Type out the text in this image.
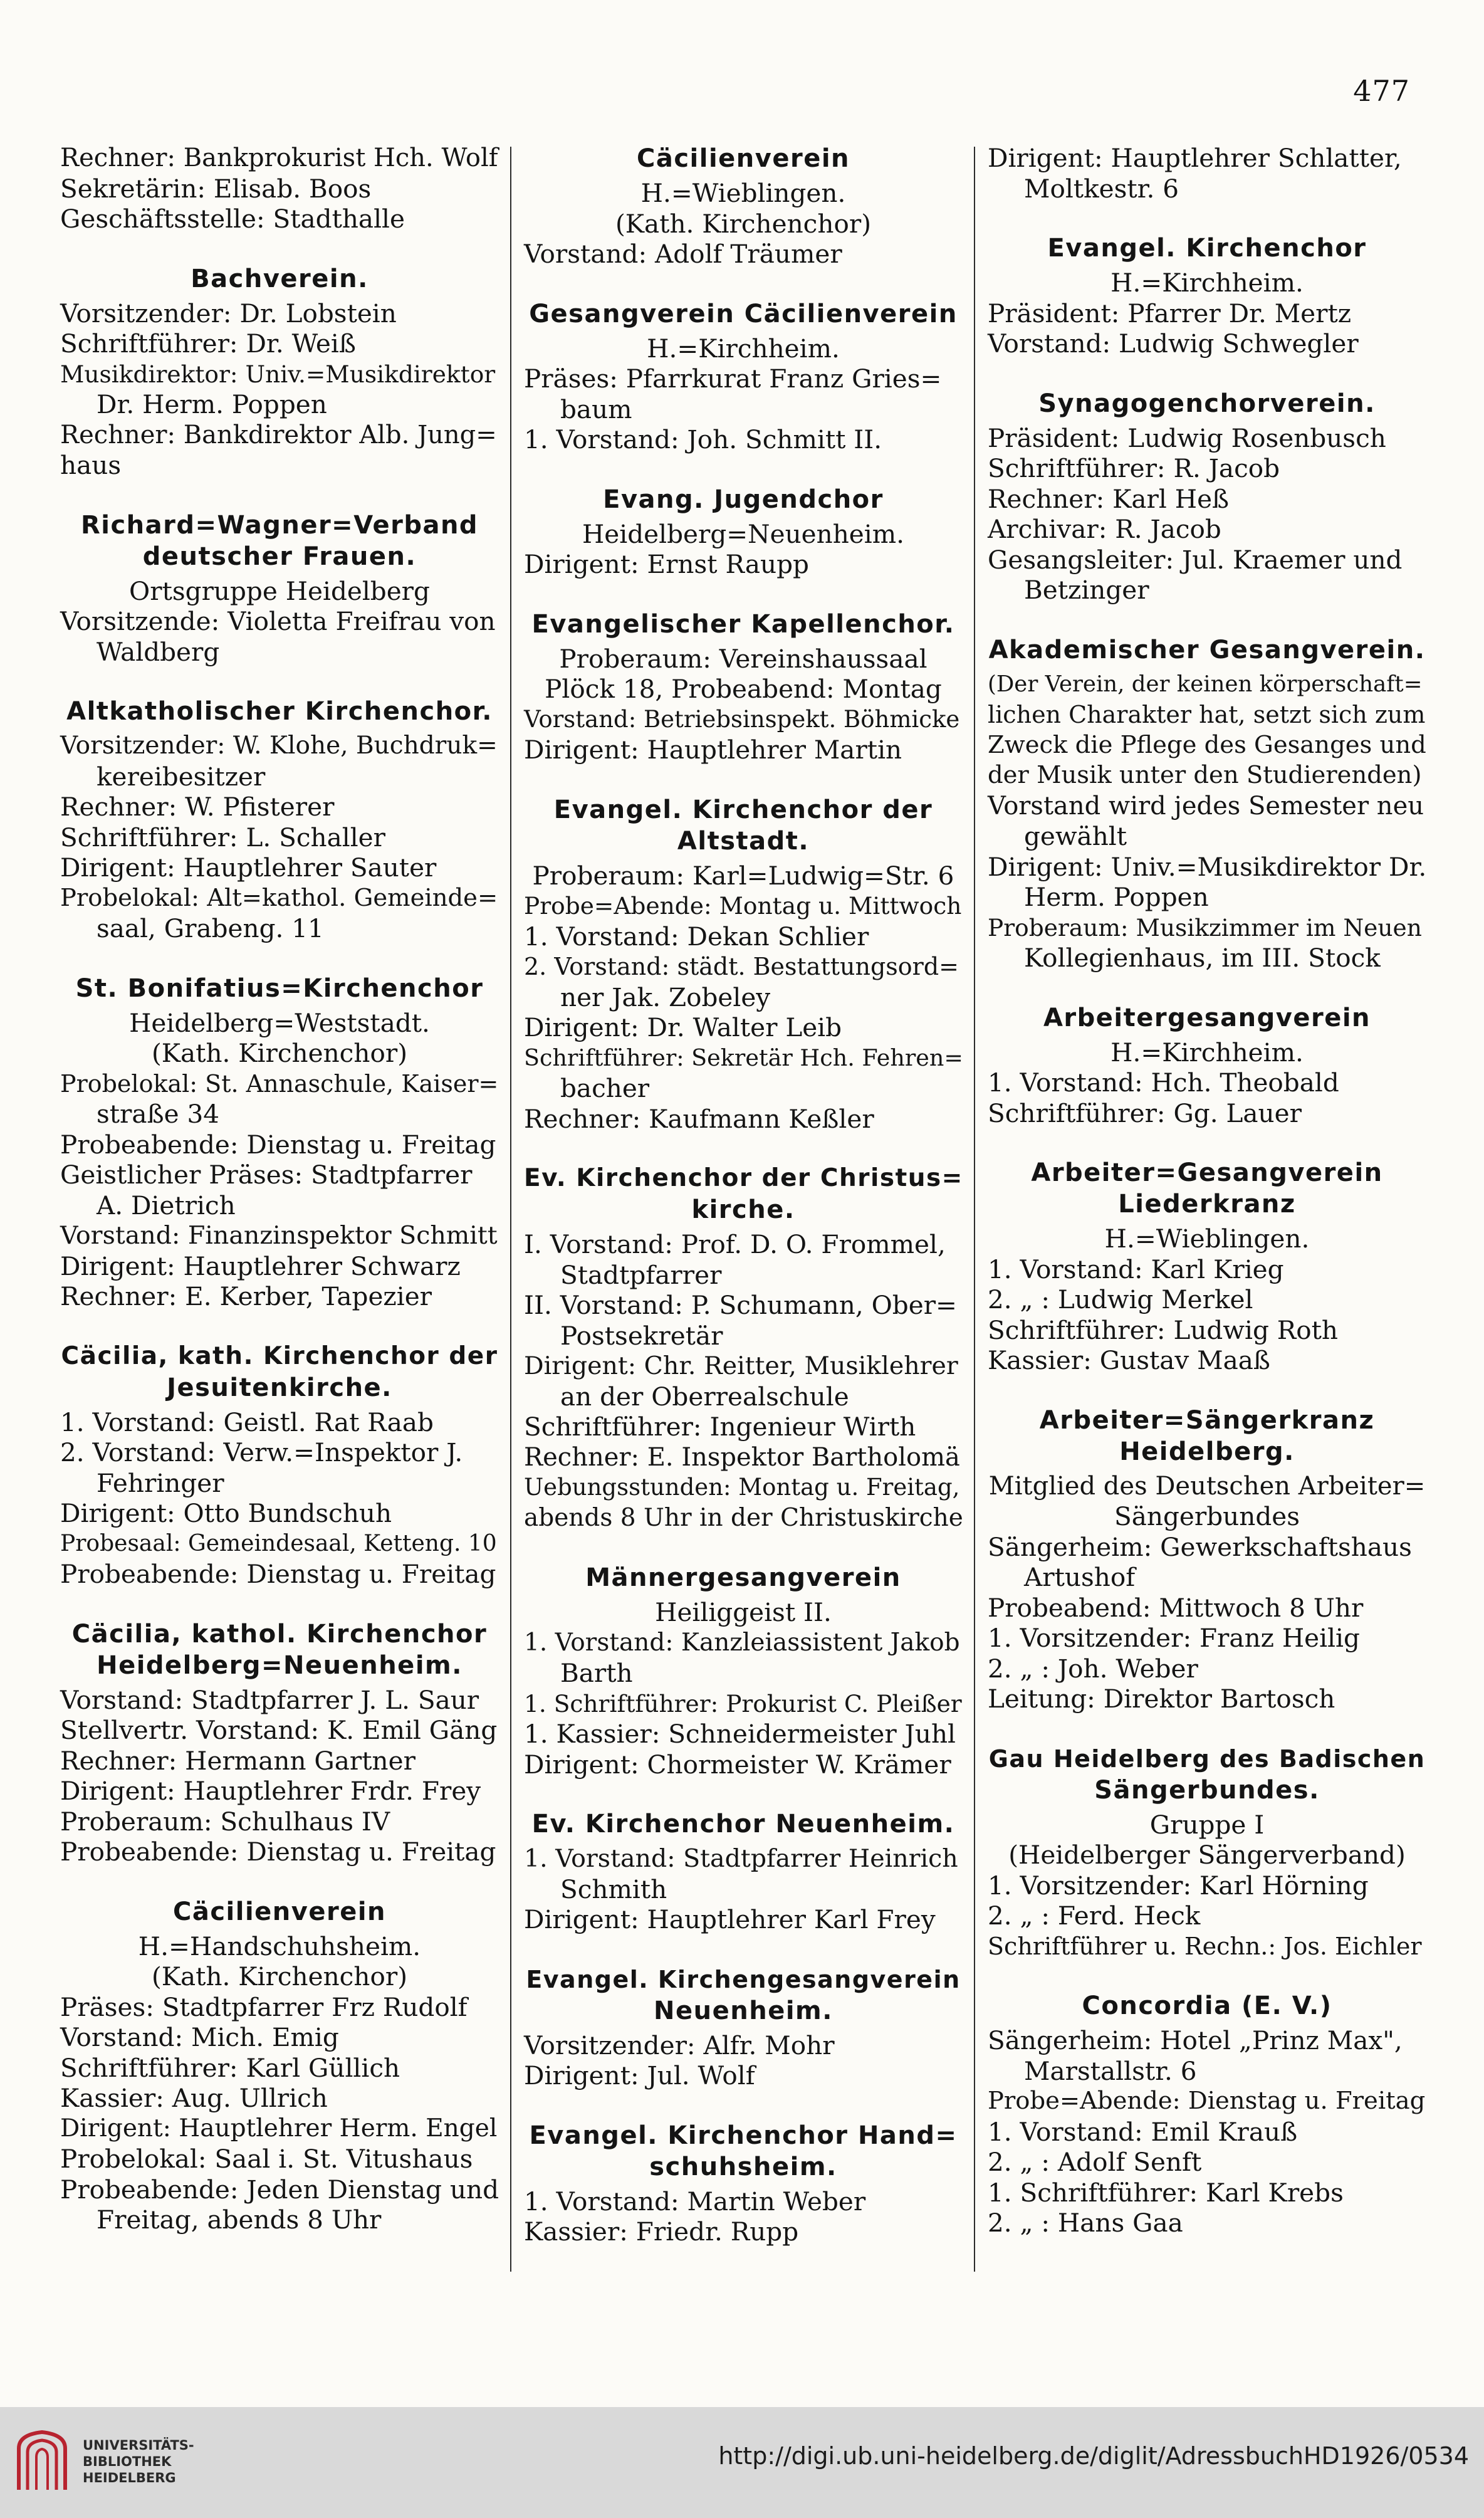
477
Rechner: Bankprokurist Hch. Wolf
Sekretärin: Elisab. Boos
Geschäftsstelle: Stadthalle
Bachverein.
Vorsitzender: Dr. Lobstein
Schriftführer: Dr. Weiß
Musikdirektor: Univ.=Musikdirektor
Dr. Herm. Poppen
Rechner: Bankdirektor Alb. Jung=
haus
Richard=Wagner=Verband
deutscher Frauen.
Ortsgruppe Heidelberg
Vorsitzende: Violetta Freifrau von
Waldberg
Altkatholischer Kirchenchor.
Vorsitzender: W. Klohe, Buchdruk=
kereibesitzer
Rechner: W. Pfisterer
Schriftführer: L. Schaller
Dirigent: Hauptlehrer Sauter
Probelokal: Alt=kathol. Gemeinde=
saal, Grabeng. 11
St. Bonifatius=Kirchenchor
Heidelberg=Weststadt.
(Kath. Kirchenchor)
Probelokal: St. Annaschule, Kaiser=
straße 34
Probeabende: Dienstag u. Freitag
Geistlicher Präses: Stadtpfarrer
A. Dietrich
Vorstand: Finanzinspektor Schmitt
Dirigent: Hauptlehrer Schwarz
Rechner: E. Kerber, Tapezier
Cäcilia, kath. Kirchenchor der
Jesuitenkirche.
1. Vorstand: Geistl. Rat Raab
2. Vorstand: Verw.=Inspektor J.
Fehringer
Dirigent: Otto Bundschuh
Probesaal: Gemeindesaal, Ketteng. 10
Probeabende: Dienstag u. Freitag
Cäcilia, kathol. Kirchenchor
Heidelberg=Neuenheim.
Vorstand: Stadtpfarrer J. L. Saur
Stellvertr. Vorstand: K. Emil Gäng
Rechner: Hermann Gartner
Dirigent: Hauptlehrer Frdr. Frey
Proberaum: Schulhaus IV
Probeabende: Dienstag u. Freitag
Cäcilienverein
H.=Handschuhsheim.
(Kath. Kirchenchor)
Präses: Stadtpfarrer Frz Rudolf
Vorstand: Mich. Emig
Schriftführer: Karl Güllich
Kassier: Aug. Ullrich
Dirigent: Hauptlehrer Herm. Engel
Probelokal: Saal i. St. Vitushaus
Probeabende: Jeden Dienstag und
Freitag, abends 8 Uhr
Cäcilienverein
H.=Wieblingen.
(Kath. Kirchenchor)
Vorstand: Adolf Träumer
Gesangverein Cäcilienverein
H.=Kirchheim.
Präses: Pfarrkurat Franz Gries=
baum
1. Vorstand: Joh. Schmitt II.
Evang. Jugendchor
Heidelberg=Neuenheim.
Dirigent: Ernst Raupp
Evangelischer Kapellenchor.
Proberaum: Vereinshaussaal
Plöck 18, Probeabend: Montag
Vorstand: Betriebsinspekt. Böhmicke
Dirigent: Hauptlehrer Martin
Evangel. Kirchenchor der
Altstadt.
Proberaum: Karl=Ludwig=Str. 6
Probe=Abende: Montag u. Mittwoch
1. Vorstand: Dekan Schlier
2. Vorstand: städt. Bestattungsord=
ner Jak. Zobeley
Dirigent: Dr. Walter Leib
Schriftführer: Sekretär Hch. Fehren=
bacher
Rechner: Kaufmann Keßler
Ev. Kirchenchor der Christus=
kirche.
I. Vorstand: Prof. D. O. Frommel,
Stadtpfarrer
II. Vorstand: P. Schumann, Ober=
Postsekretär
Dirigent: Chr. Reitter, Musiklehrer
an der Oberrealschule
Schriftführer: Ingenieur Wirth
Rechner: E. Inspektor Bartholomä
Uebungsstunden: Montag u. Freitag,
abends 8 Uhr in der Christuskirche
Männergesangverein
Heiliggeist II.
1. Vorstand: Kanzleiassistent Jakob
Barth
1. Schriftführer: Prokurist C. Pleißer
1. Kassier: Schneidermeister Juhl
Dirigent: Chormeister W. Krämer
Ev. Kirchenchor Neuenheim.
1. Vorstand: Stadtpfarrer Heinrich
Schmith
Dirigent: Hauptlehrer Karl Frey
Evangel. Kirchengesangverein
Neuenheim.
Vorsitzender: Alfr. Mohr
Dirigent: Jul. Wolf
Evangel. Kirchenchor Hand=
schuhsheim.
1. Vorstand: Martin Weber
Kassier: Friedr. Rupp
Dirigent: Hauptlehrer Schlatter,
Moltkestr. 6
Evangel. Kirchenchor
H.=Kirchheim.
Präsident: Pfarrer Dr. Mertz
Vorstand: Ludwig Schwegler
Synagogenchorverein.
Präsident: Ludwig Rosenbusch
Schriftführer: R. Jacob
Rechner: Karl Heß
Archivar: R. Jacob
Gesangsleiter: Jul. Kraemer und
Betzinger
Akademischer Gesangverein.
(Der Verein, der keinen körperschaft=
lichen Charakter hat, setzt sich zum
Zweck die Pflege des Gesanges und
der Musik unter den Studierenden)
Vorstand wird jedes Semester neu
gewählt
Dirigent: Univ.=Musikdirektor Dr.
Herm. Poppen
Proberaum: Musikzimmer im Neuen
Kollegienhaus, im III. Stock
Arbeitergesangverein
H.=Kirchheim.
1. Vorstand: Hch. Theobald
Schriftführer: Gg. Lauer
Arbeiter=Gesangverein
Liederkranz
H.=Wieblingen.
1. Vorstand: Karl Krieg
2. „ : Ludwig Merkel
Schriftführer: Ludwig Roth
Kassier: Gustav Maaß
Arbeiter=Sängerkranz
Heidelberg.
Mitglied des Deutschen Arbeiter=
Sängerbundes
Sängerheim: Gewerkschaftshaus
Artushof
Probeabend: Mittwoch 8 Uhr
1. Vorsitzender: Franz Heilig
2. „ : Joh. Weber
Leitung: Direktor Bartosch
Gau Heidelberg des Badischen
Sängerbundes.
Gruppe I
(Heidelberger Sängerverband)
1. Vorsitzender: Karl Hörning
2. „ : Ferd. Heck
Schriftführer u. Rechn.: Jos. Eichler
Concordia (E. V.)
Sängerheim: Hotel „Prinz Max",
Marstallstr. 6
Probe=Abende: Dienstag u. Freitag
1. Vorstand: Emil Krauß
2. „ : Adolf Senft
1. Schriftführer: Karl Krebs
2. „ : Hans Gaa
UNIVERSITÄTS-
BIBLIOTHEK
HEIDELBERG
http://digi.ub.uni-heidelberg.de/diglit/AdressbuchHD1926/0534
